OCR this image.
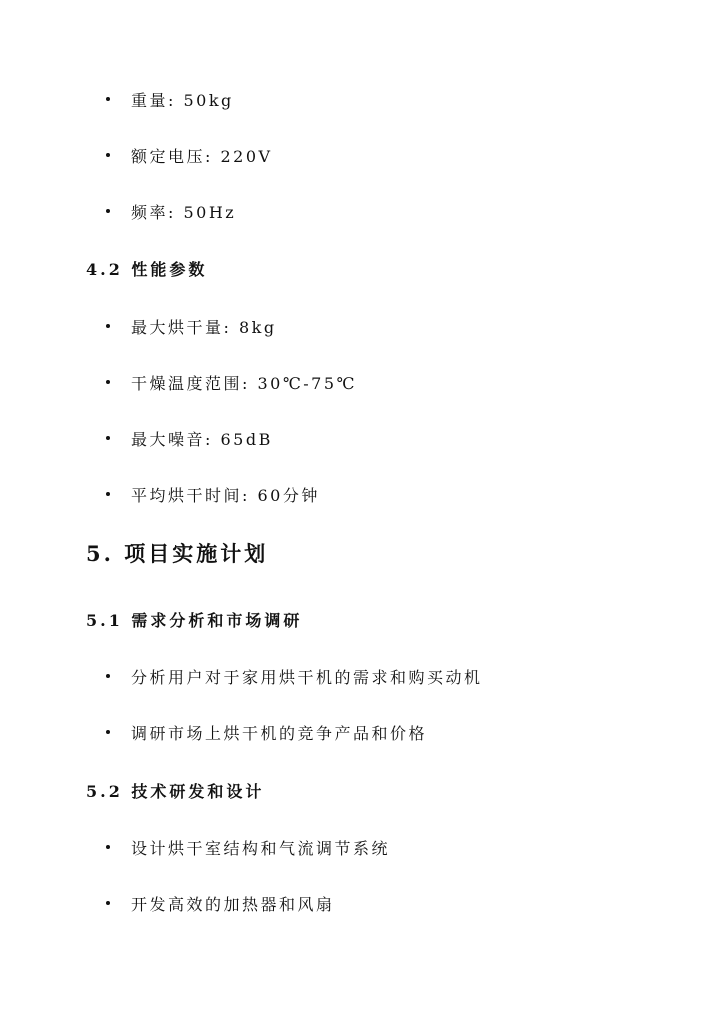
重量: 50kg
额定电压: 220V
频率: 50Hz
4.2 性能参数
最大烘干量: 8kg
干燥温度范围: 30℃-75℃
最大噪音: 65dB
平均烘干时间: 60分钟
5. 项目实施计划
5.1 需求分析和市场调研
分析用户对于家用烘干机的需求和购买动机
调研市场上烘干机的竞争产品和价格
5.2 技术研发和设计
设计烘干室结构和气流调节系统
开发高效的加热器和风扇
